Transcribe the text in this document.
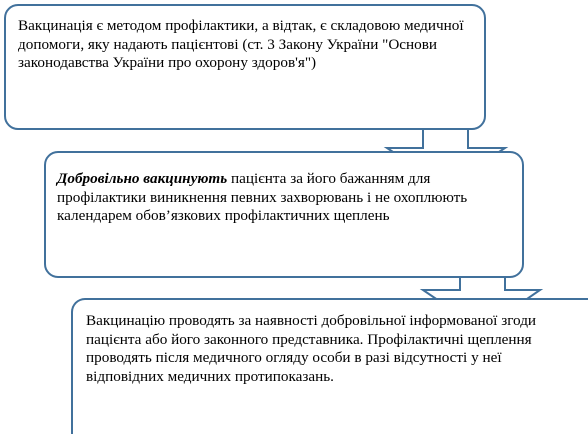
Вакцинація є методом профілактики, а відтак, є складовою медичної допомоги, яку надають пацієнтові (ст. 3 Закону України "Основи законодавства України про охорону здоров'я")
Добровільно вакцинують пацієнта за його бажанням для профілактики виникнення певних захворювань і не охоплюють календарем обов’язкових профілактичних щеплень
Вакцинацію проводять за наявності добровільної інформованої згоди пацієнта або його законного представника. Профілактичні щеплення проводять після медичного огляду особи в разі відсутності у неї відповідних медичних протипоказань.
